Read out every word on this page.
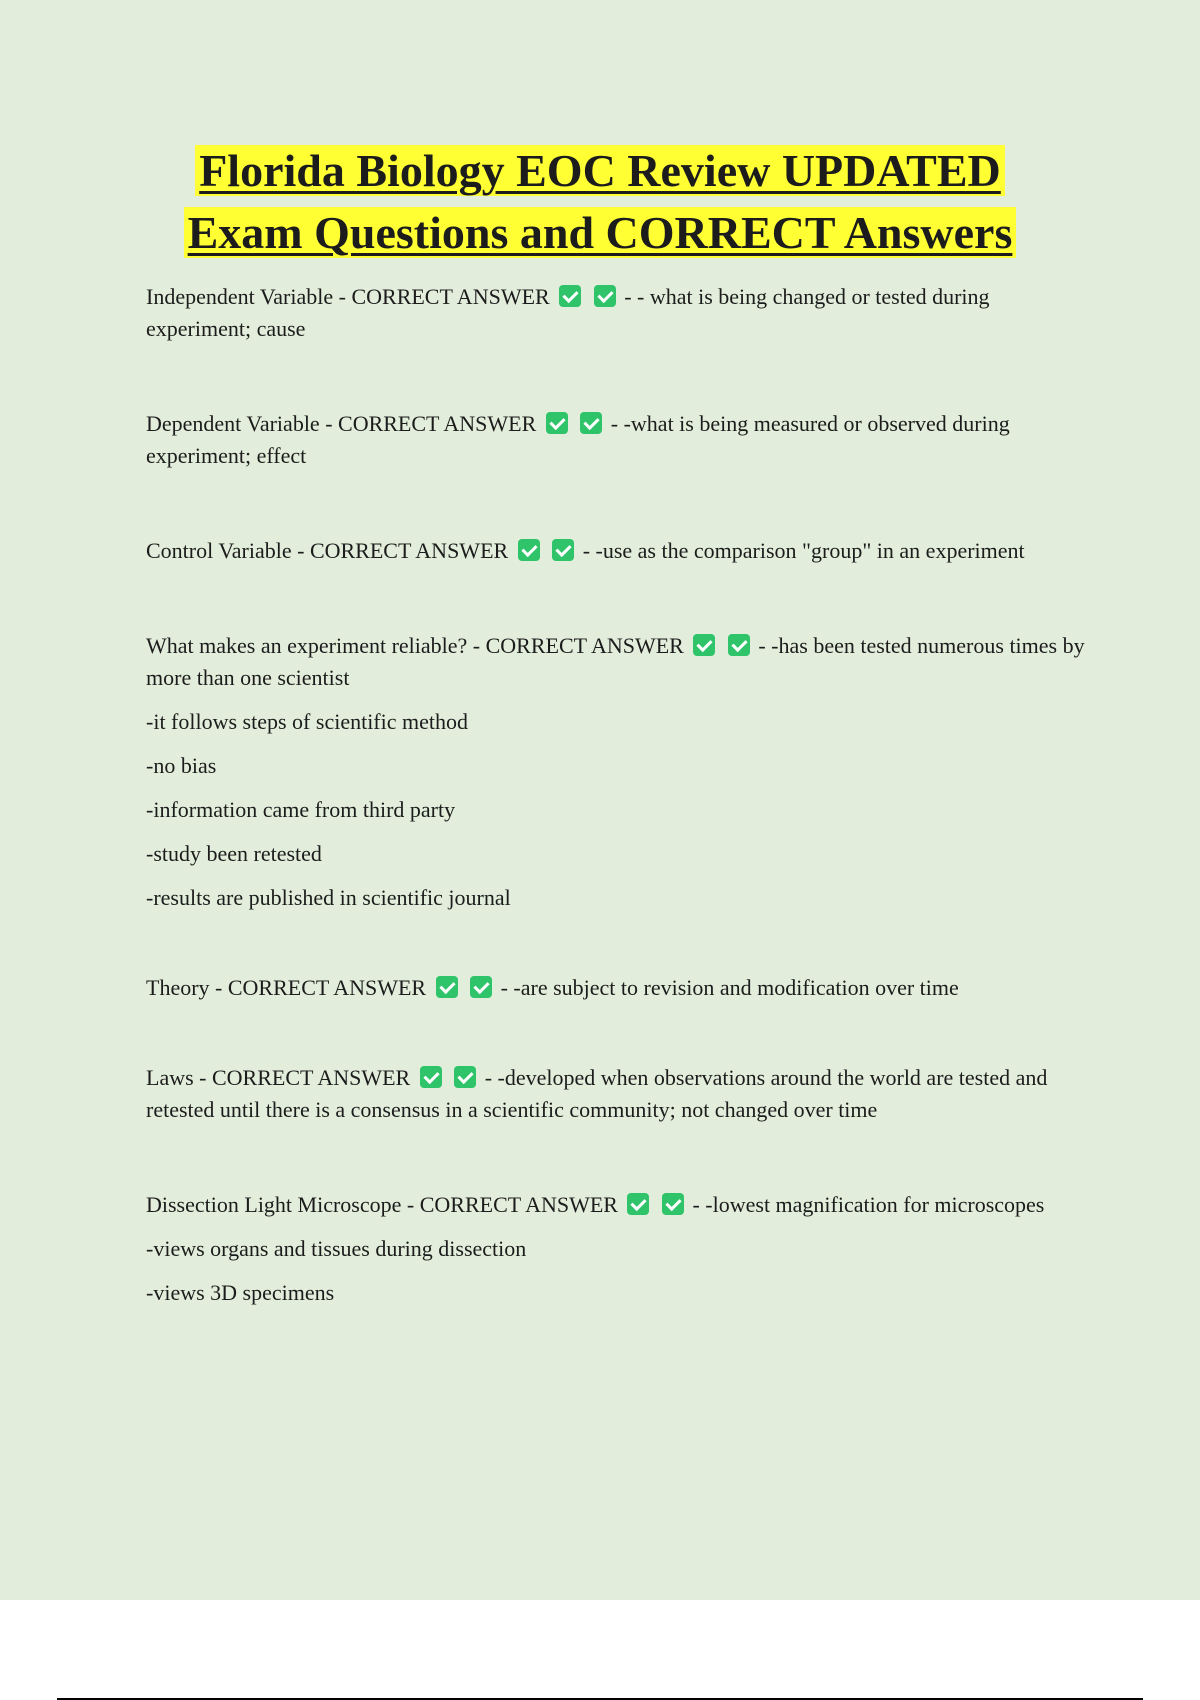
Florida Biology EOC Review UPDATED
Exam Questions and CORRECT Answers

Independent Variable - CORRECT ANSWER	- - what is being changed or tested during experiment; cause

Dependent Variable - CORRECT ANSWER	- -what is being measured or observed during experiment; effect

Control Variable - CORRECT ANSWER	- -use as the comparison "group" in an experiment

What makes an experiment reliable? - CORRECT ANSWER	- -has been tested numerous times by more than one scientist

-it follows steps of scientific method

-no bias

-information came from third party

-study been retested

-results are published in scientific journal

Theory - CORRECT ANSWER	- -are subject to revision and modification over time

Laws - CORRECT ANSWER	- -developed when observations around the world are tested and retested until there is a consensus in a scientific community; not changed over time

Dissection Light Microscope - CORRECT ANSWER	- -lowest magnification for microscopes

-views organs and tissues during dissection

-views 3D specimens
